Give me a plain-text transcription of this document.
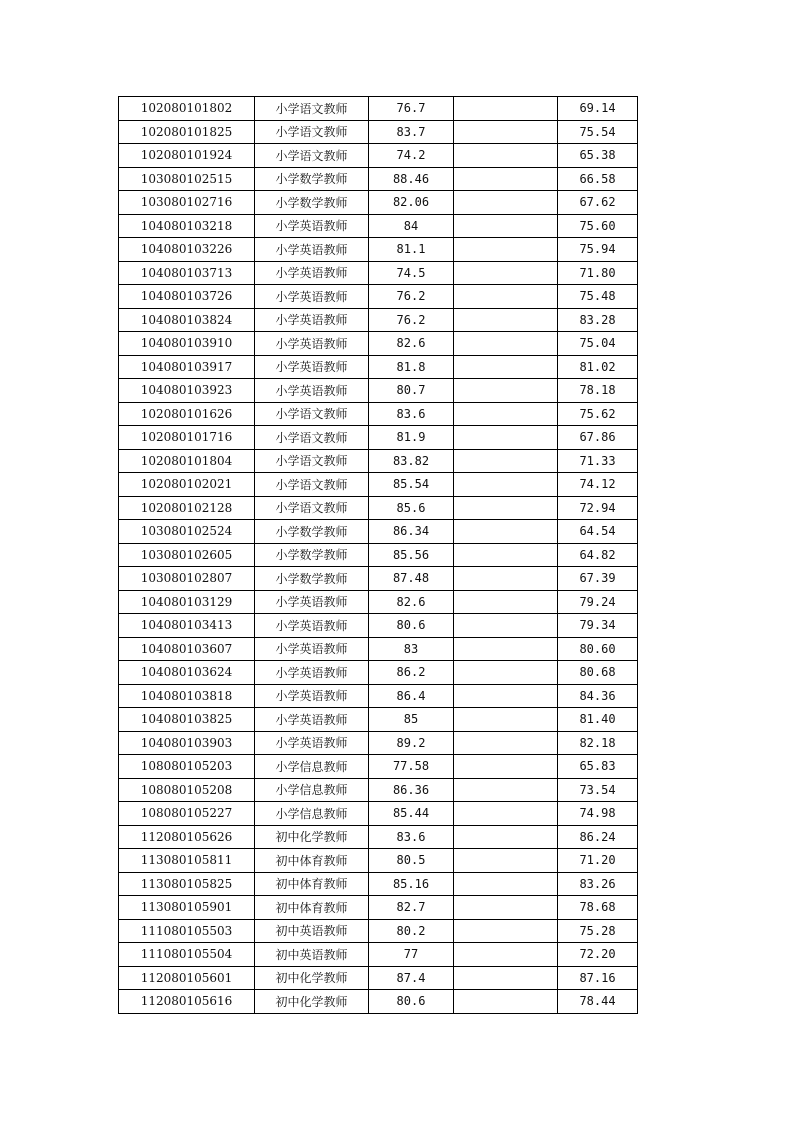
102080101802	小学语文教师	76.7		69.14
102080101825	小学语文教师	83.7		75.54
102080101924	小学语文教师	74.2		65.38
103080102515	小学数学教师	88.46		66.58
103080102716	小学数学教师	82.06		67.62
104080103218	小学英语教师	84		75.60
104080103226	小学英语教师	81.1		75.94
104080103713	小学英语教师	74.5		71.80
104080103726	小学英语教师	76.2		75.48
104080103824	小学英语教师	76.2		83.28
104080103910	小学英语教师	82.6		75.04
104080103917	小学英语教师	81.8		81.02
104080103923	小学英语教师	80.7		78.18
102080101626	小学语文教师	83.6		75.62
102080101716	小学语文教师	81.9		67.86
102080101804	小学语文教师	83.82		71.33
102080102021	小学语文教师	85.54		74.12
102080102128	小学语文教师	85.6		72.94
103080102524	小学数学教师	86.34		64.54
103080102605	小学数学教师	85.56		64.82
103080102807	小学数学教师	87.48		67.39
104080103129	小学英语教师	82.6		79.24
104080103413	小学英语教师	80.6		79.34
104080103607	小学英语教师	83		80.60
104080103624	小学英语教师	86.2		80.68
104080103818	小学英语教师	86.4		84.36
104080103825	小学英语教师	85		81.40
104080103903	小学英语教师	89.2		82.18
108080105203	小学信息教师	77.58		65.83
108080105208	小学信息教师	86.36		73.54
108080105227	小学信息教师	85.44		74.98
112080105626	初中化学教师	83.6		86.24
113080105811	初中体育教师	80.5		71.20
113080105825	初中体育教师	85.16		83.26
113080105901	初中体育教师	82.7		78.68
111080105503	初中英语教师	80.2		75.28
111080105504	初中英语教师	77		72.20
112080105601	初中化学教师	87.4		87.16
112080105616	初中化学教师	80.6		78.44
